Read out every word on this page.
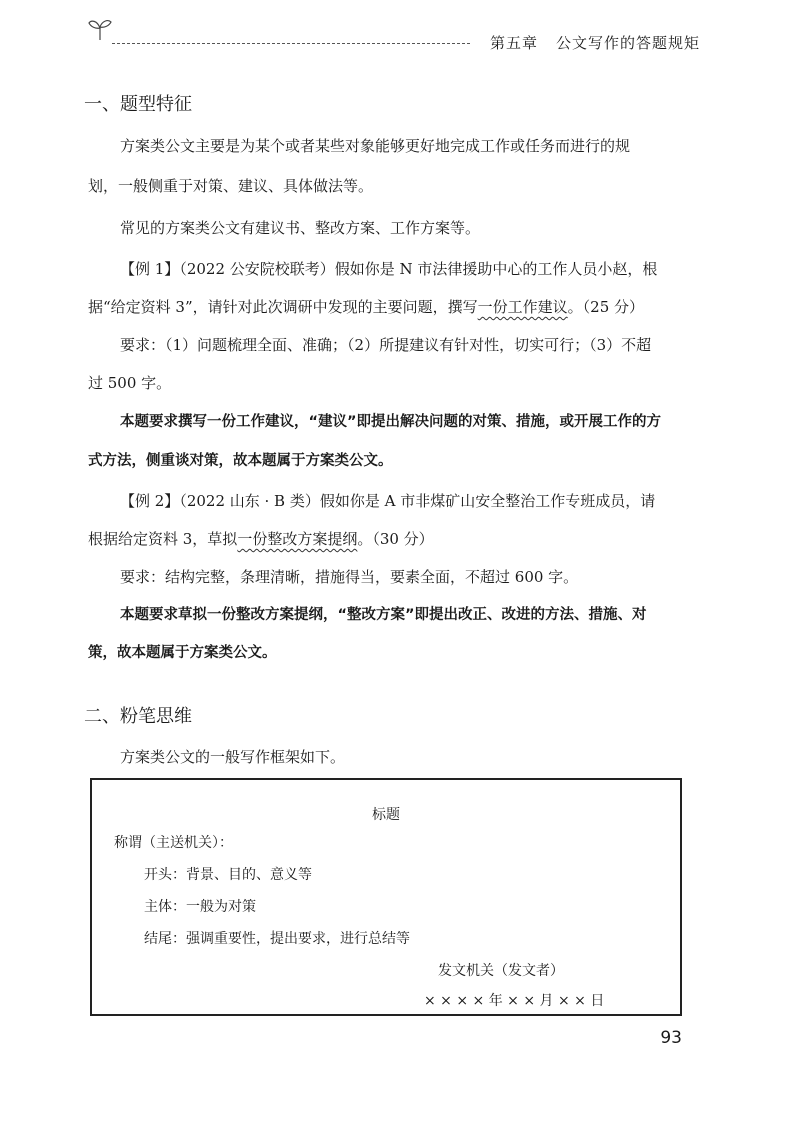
第五章 公文写作的答题规矩
一、题型特征
方案类公文主要是为某个或者某些对象能够更好地完成工作或任务而进行的规
划，一般侧重于对策、建议、具体做法等。
常见的方案类公文有建议书、整改方案、工作方案等。
【例 1】（2022 公安院校联考）假如你是 N 市法律援助中心的工作人员小赵，根
据“给定资料 3”，请针对此次调研中发现的主要问题，撰写一份工作建议。（25 分）
要求：（1）问题梳理全面、准确；（2）所提建议有针对性，切实可行；（3）不超
过 500 字。
本题要求撰写一份工作建议，“建议”即提出解决问题的对策、措施，或开展工作的方
式方法，侧重谈对策，故本题属于方案类公文。
【例 2】（2022 山东 · B 类）假如你是 A 市非煤矿山安全整治工作专班成员，请
根据给定资料 3，草拟一份整改方案提纲。（30 分）
要求：结构完整，条理清晰，措施得当，要素全面，不超过 600 字。
本题要求草拟一份整改方案提纲，“整改方案”即提出改正、改进的方法、措施、对
策，故本题属于方案类公文。
二、粉笔思维
方案类公文的一般写作框架如下。
标题
称谓（主送机关）：
开头：背景、目的、意义等
主体：一般为对策
结尾：强调重要性，提出要求，进行总结等
发文机关（发文者）
× × × × 年 × × 月 × × 日
93
